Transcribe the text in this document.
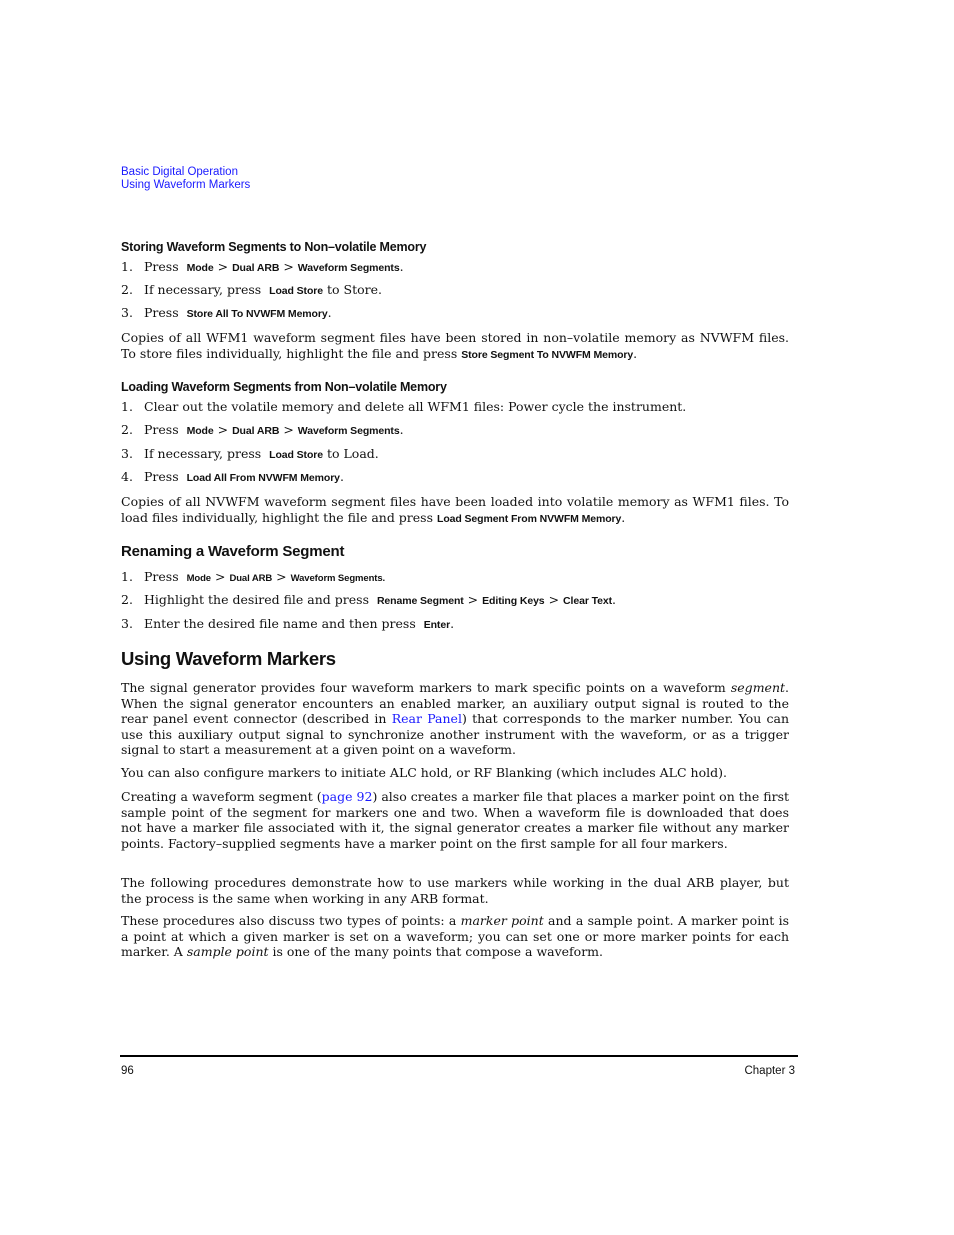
Basic Digital Operation
Using Waveform Markers
Storing Waveform Segments to Non–volatile Memory
1. Press Mode > Dual ARB > Waveform Segments.
2. If necessary, press Load Store to Store.
3. Press Store All To NVWFM Memory.
Copies of all WFM1 waveform segment files have been stored in non–volatile memory as NVWFM files. To store files individually, highlight the file and press Store Segment To NVWFM Memory.
Loading Waveform Segments from Non–volatile Memory
1. Clear out the volatile memory and delete all WFM1 files: Power cycle the instrument.
2. Press Mode > Dual ARB > Waveform Segments.
3. If necessary, press Load Store to Load.
4. Press Load All From NVWFM Memory.
Copies of all NVWFM waveform segment files have been loaded into volatile memory as WFM1 files. To load files individually, highlight the file and press Load Segment From NVWFM Memory.
Renaming a Waveform Segment
1. Press Mode > Dual ARB > Waveform Segments.
2. Highlight the desired file and press Rename Segment > Editing Keys > Clear Text.
3. Enter the desired file name and then press Enter.
Using Waveform Markers
The signal generator provides four waveform markers to mark specific points on a waveform segment. When the signal generator encounters an enabled marker, an auxiliary output signal is routed to the rear panel event connector (described in Rear Panel) that corresponds to the marker number. You can use this auxiliary output signal to synchronize another instrument with the waveform, or as a trigger signal to start a measurement at a given point on a waveform.
You can also configure markers to initiate ALC hold, or RF Blanking (which includes ALC hold).
Creating a waveform segment (page 92) also creates a marker file that places a marker point on the first sample point of the segment for markers one and two. When a waveform file is downloaded that does not have a marker file associated with it, the signal generator creates a marker file without any marker points. Factory–supplied segments have a marker point on the first sample for all four markers.
The following procedures demonstrate how to use markers while working in the dual ARB player, but the process is the same when working in any ARB format.
These procedures also discuss two types of points: a marker point and a sample point. A marker point is a point at which a given marker is set on a waveform; you can set one or more marker points for each marker. A sample point is one of the many points that compose a waveform.
96	Chapter 3
